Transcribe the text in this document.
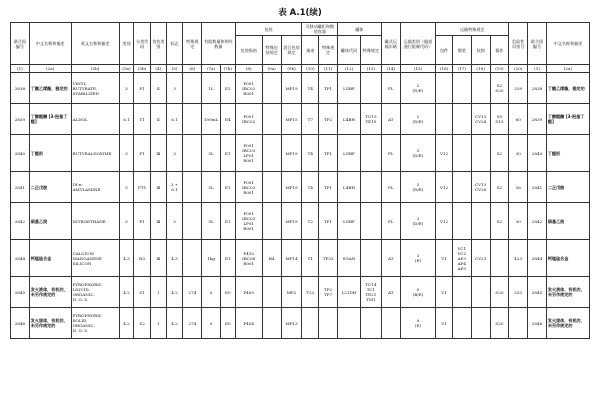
表 A.1(续)
联合国编号	中文名称和描述	英文名称和描述	类别	分类代码	包装类别	标志	特殊规定	有限数量和例外数量		包装			可移动罐柜和散装容器		罐体		罐式运输车辆	运输类别（隧道通行限制代码）	运输特殊规定				危险性识别号	联合国编号	中文名称和描述
										包装指南	特殊包装规定	混合包装规定	指南	特殊规定	罐体代码	特殊规定			包件	散装	装卸	操作			
(1)	(2a)	(2b)	(3a)	(3b)	(4)	(5)	(6)	(7a)	(7b)	(8)	(9a)	(9b)	(10)	(11)	(12)	(13)	(14)	(15)	(16)	(17)	(18)	(19)	(20)	(1)	(2a)
2838	丁酸乙烯酯，稳定的	VINYL
BUTYRATE,
STABILIZED	3	F1	Ⅱ	3		1L	E2	P001
IBC02
R001		MP19	T4	TP1	LGBF		FL	2
(D/E)				S2
S20	339	2838	丁酸乙烯酯，稳定的
2839	丁醇醛酮 [3-羟基丁醛]	ALDOL	6.1	T1	Ⅱ	6.1		100mL	E4	P001
IBC02		MP15	T7	TP2	L4BH	TU15
TE19	AT	2
(D/E)			CV13
CV28	S9
S19	60	2839	丁醇醛酮 [3-羟基丁醛]
2840	丁醛肟	BUTYRALDOXIME	3	F1	Ⅲ	3		5L	E1	P001
IBC03
LP01
R001		MP19	T4	TP1	LGBF		FL	3
(D/E)	V12			S2	30	2840	丁醛肟
2841	二正戊胺	DI-n-
AMYLAMINE	3	FT1	Ⅲ	3 +
6.1		5L	E1	P001
IBC03
R001		MP19	T4	TP1	L4BH		FL	3
(D/E)	V12		CV13
CV28	S2	36	2841	二正戊胺
2842	硝基乙烷	NITROETHANE	3	F1	Ⅲ	3		5L	E1	P001
IBC03
LP01
R001		MP19	T2	TP1	LGBF		FL	3
(D/E)	V12			S2	30	2842	硝基乙烷
2844	钙锰硅合金	CALCIUM
MANGANESE
SILICON	4.3	W2	Ⅲ	4.3		1kg	E1	P410
IBC08
R001	B4	MP14	T1	TP33	SGAN		AT	3
(E)	V1	VC1
VC2
AP3
AP4
AP5	CV23		423	2844	钙锰硅合金
2845	发火液体，有机的，未另作规定的	PYROPHORIC
LIQUID,
ORGANIC,
N. O. S.	4.2	S1	I	4.2	274	0	E0	P400		MP2	T22	TP2
TP7	L21DH	TU14
TC1
TE21
TM1	AT	0
(B/E)	V1			S20	333	2845	发火液体，有机的，未另作规定的
2846	发火固体，有机的，未另作规定的	PYROPHORIC
SOLID,
ORGANIC,
N. O. S.	4.2	S2	I	4.2	274	0	E0	P404		MP13						0
(E)	V1			S20		2846	发火固体，有机的，未另作规定的
